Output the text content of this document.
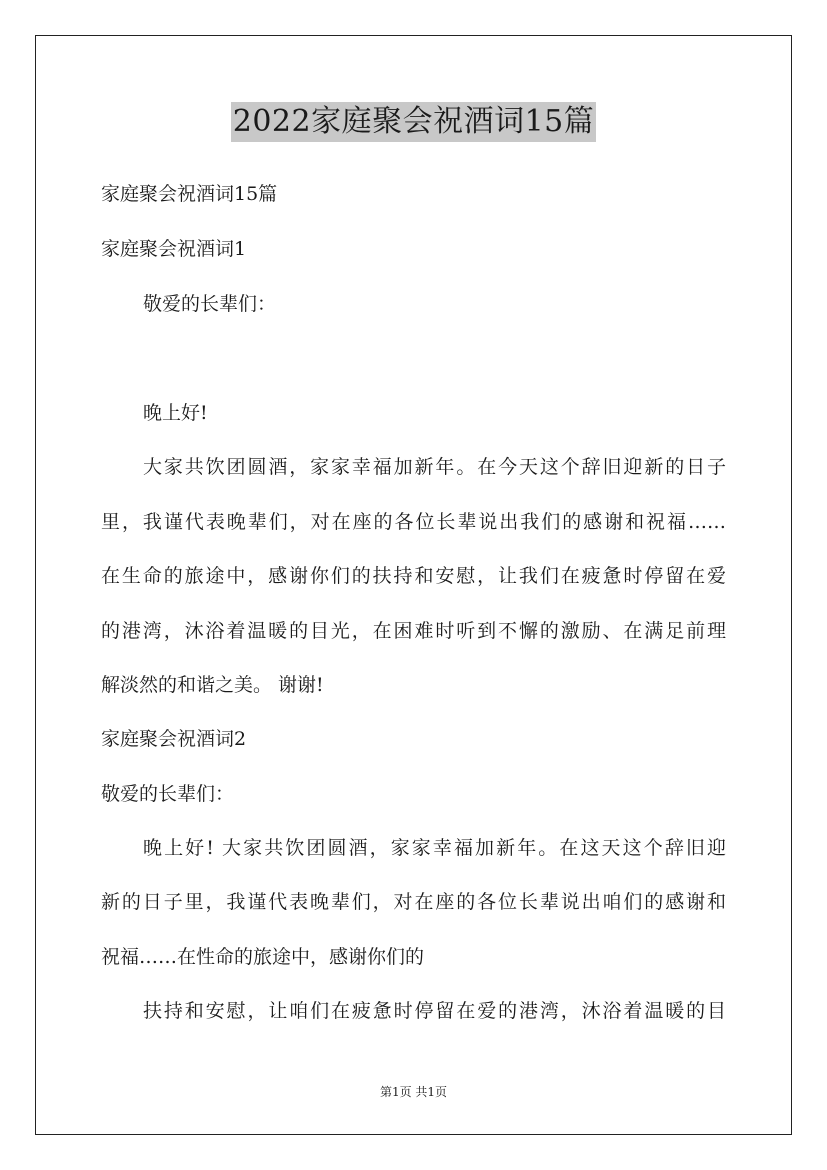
2022家庭聚会祝酒词15篇
家庭聚会祝酒词15篇
家庭聚会祝酒词1
敬爱的长辈们：
晚上好!
大家共饮团圆酒，家家幸福加新年。在今天这个辞旧迎新的日子
里，我谨代表晚辈们，对在座的各位长辈说出我们的感谢和祝福……
在生命的旅途中，感谢你们的扶持和安慰，让我们在疲惫时停留在爱
的港湾，沐浴着温暖的目光，在困难时听到不懈的激励、在满足前理
解淡然的和谐之美。 谢谢!
家庭聚会祝酒词2
敬爱的长辈们：
晚上好! 大家共饮团圆酒，家家幸福加新年。在这天这个辞旧迎
新的日子里，我谨代表晚辈们，对在座的各位长辈说出咱们的感谢和
祝福……在性命的旅途中，感谢你们的
扶持和安慰，让咱们在疲惫时停留在爱的港湾，沐浴着温暖的目
第1页 共1页
